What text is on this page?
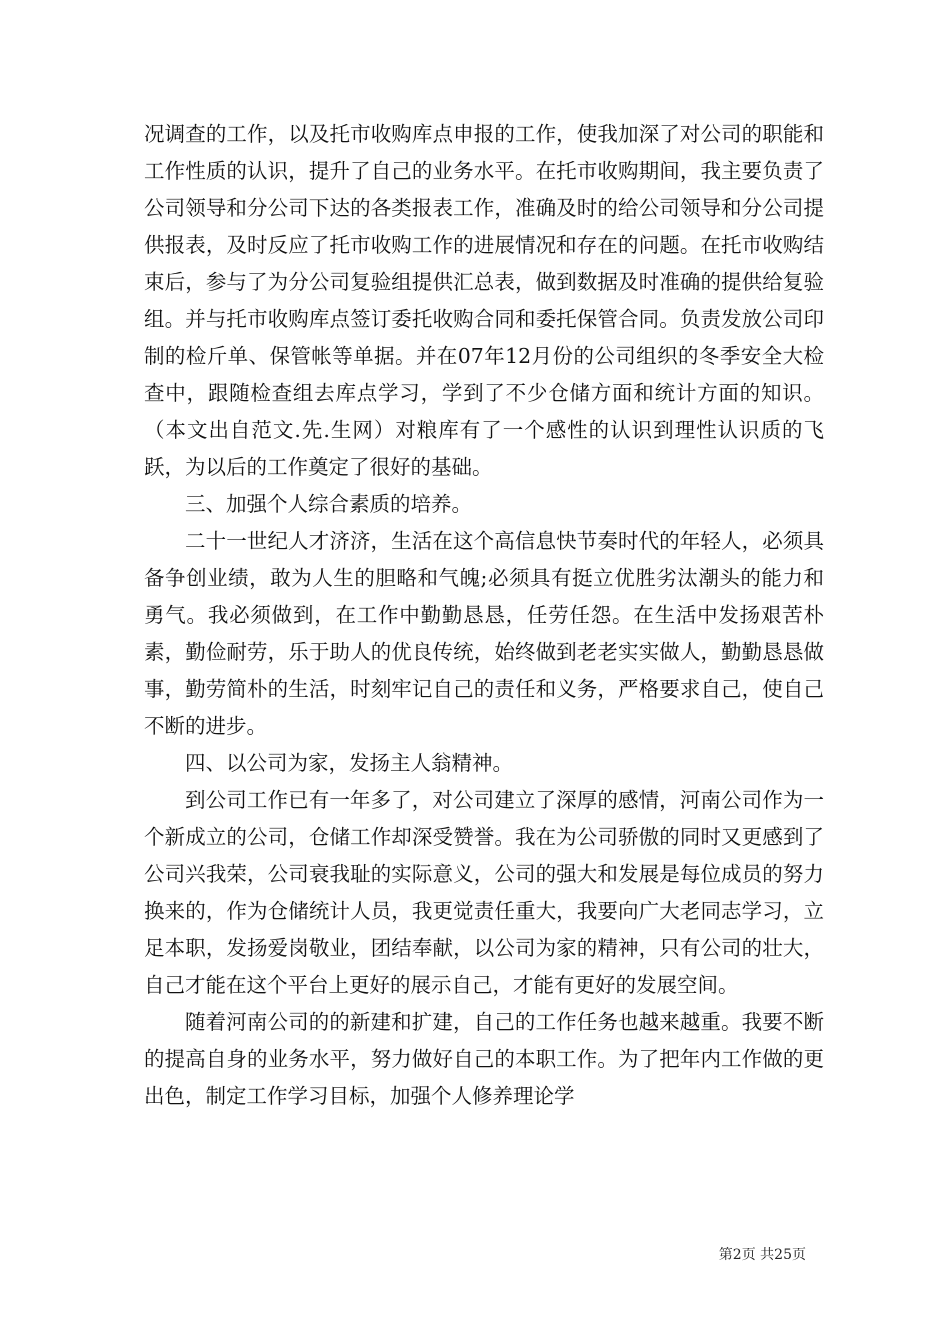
况调查的工作，以及托市收购库点申报的工作，使我加深了对公司的职能和工作性质的认识，提升了自己的业务水平。在托市收购期间，我主要负责了公司领导和分公司下达的各类报表工作，准确及时的给公司领导和分公司提供报表，及时反应了托市收购工作的进展情况和存在的问题。在托市收购结束后，参与了为分公司复验组提供汇总表，做到数据及时准确的提供给复验组。并与托市收购库点签订委托收购合同和委托保管合同。负责发放公司印制的检斤单、保管帐等单据。并在07年12月份的公司组织的冬季安全大检查中，跟随检查组去库点学习，学到了不少仓储方面和统计方面的知识。（本文出自范文.先.生网）对粮库有了一个感性的认识到理性认识质的飞跃，为以后的工作奠定了很好的基础。

三、加强个人综合素质的培养。

二十一世纪人才济济，生活在这个高信息快节奏时代的年轻人，必须具备争创业绩，敢为人生的胆略和气魄;必须具有挺立优胜劣汰潮头的能力和勇气。我必须做到，在工作中勤勤恳恳，任劳任怨。在生活中发扬艰苦朴素，勤俭耐劳，乐于助人的优良传统，始终做到老老实实做人，勤勤恳恳做事，勤劳简朴的生活，时刻牢记自己的责任和义务，严格要求自己，使自己不断的进步。

四、以公司为家，发扬主人翁精神。

到公司工作已有一年多了，对公司建立了深厚的感情，河南公司作为一个新成立的公司，仓储工作却深受赞誉。我在为公司骄傲的同时又更感到了公司兴我荣，公司衰我耻的实际意义，公司的强大和发展是每位成员的努力换来的，作为仓储统计人员，我更觉责任重大，我要向广大老同志学习，立足本职，发扬爱岗敬业，团结奉献，以公司为家的精神，只有公司的壮大，自己才能在这个平台上更好的展示自己，才能有更好的发展空间。

随着河南公司的的新建和扩建，自己的工作任务也越来越重。我要不断的提高自身的业务水平，努力做好自己的本职工作。为了把年内工作做的更出色，制定工作学习目标，加强个人修养理论学

第2页 共25页
